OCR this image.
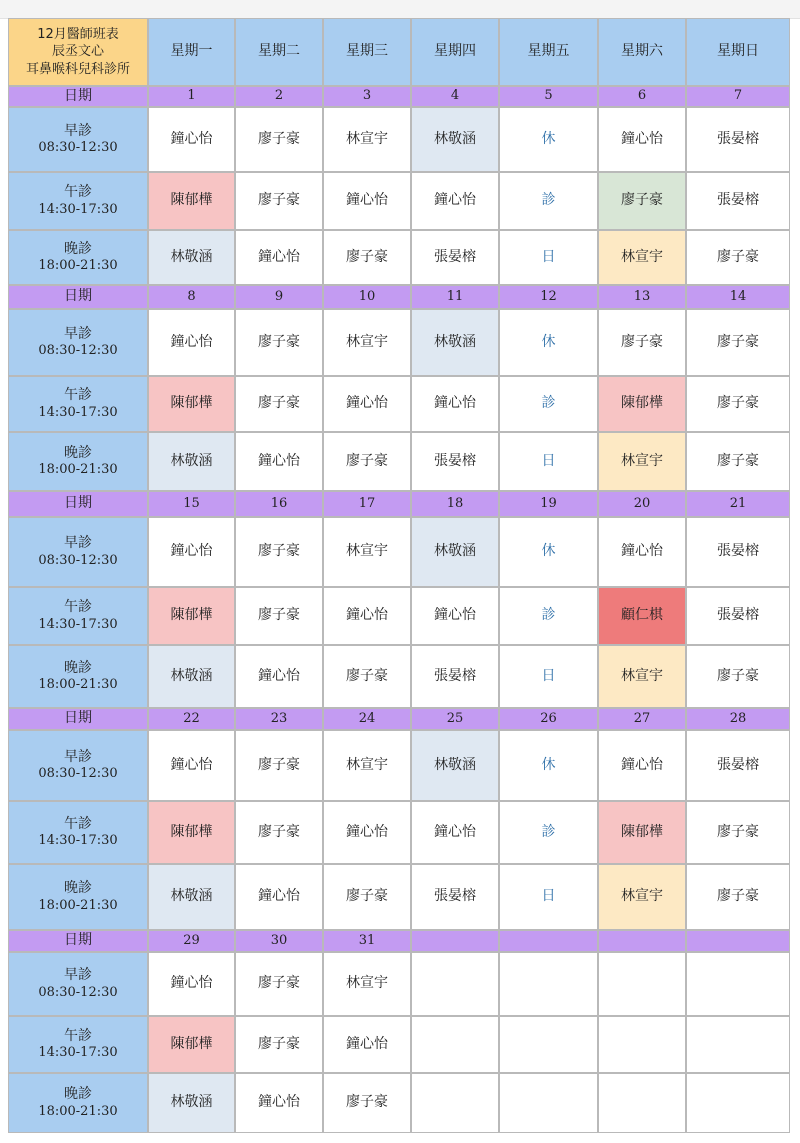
12月醫師班表
辰丞文心
耳鼻喉科兒科診所
星期一	星期二	星期三	星期四	星期五	星期六	星期日
日期	1	2	3	4	5	6	7
早診
08:30-12:30
鐘心怡	廖子豪	林宣宇	林敬涵	休	鐘心怡	張晏榕
午診
14:30-17:30
陳郁樺	廖子豪	鐘心怡	鐘心怡	診	廖子豪	張晏榕
晚診
18:00-21:30
林敬涵	鐘心怡	廖子豪	張晏榕	日	林宣宇	廖子豪
日期	8	9	10	11	12	13	14
早診
08:30-12:30
鐘心怡	廖子豪	林宣宇	林敬涵	休	廖子豪	廖子豪
午診
14:30-17:30
陳郁樺	廖子豪	鐘心怡	鐘心怡	診	陳郁樺	廖子豪
晚診
18:00-21:30
林敬涵	鐘心怡	廖子豪	張晏榕	日	林宣宇	廖子豪
日期	15	16	17	18	19	20	21
早診
08:30-12:30
鐘心怡	廖子豪	林宣宇	林敬涵	休	鐘心怡	張晏榕
午診
14:30-17:30
陳郁樺	廖子豪	鐘心怡	鐘心怡	診	顧仁棋	張晏榕
晚診
18:00-21:30
林敬涵	鐘心怡	廖子豪	張晏榕	日	林宣宇	廖子豪
日期	22	23	24	25	26	27	28
早診
08:30-12:30
鐘心怡	廖子豪	林宣宇	林敬涵	休	鐘心怡	張晏榕
午診
14:30-17:30
陳郁樺	廖子豪	鐘心怡	鐘心怡	診	陳郁樺	廖子豪
晚診
18:00-21:30
林敬涵	鐘心怡	廖子豪	張晏榕	日	林宣宇	廖子豪
日期	29	30	31
早診
08:30-12:30
鐘心怡	廖子豪	林宣宇
午診
14:30-17:30
陳郁樺	廖子豪	鐘心怡
晚診
18:00-21:30
林敬涵	鐘心怡	廖子豪
